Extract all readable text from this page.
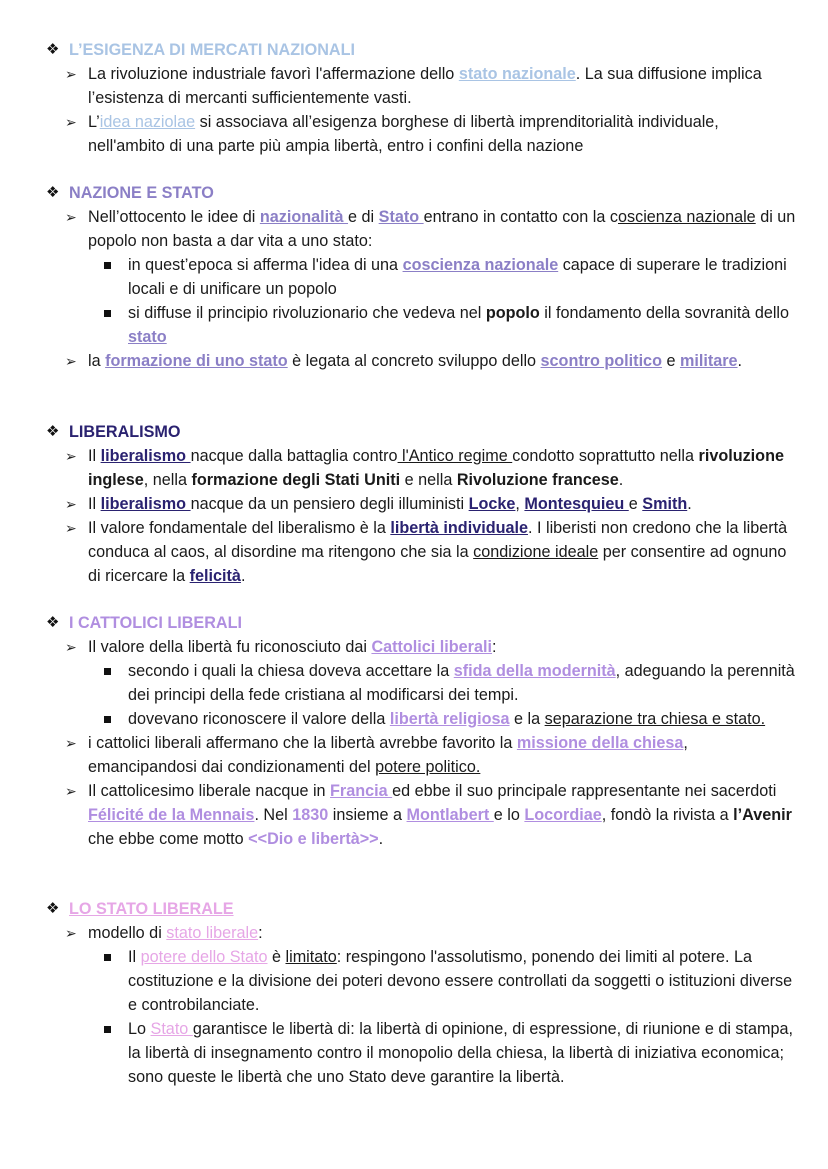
❖ L’ESIGENZA DI MERCATI NAZIONALI
➢ La rivoluzione industriale favorì l'affermazione dello stato nazionale. La sua diffusione implica l’esistenza di mercanti sufficientemente vasti.
➢ L’idea naziolae si associava all’esigenza borghese di libertà imprenditorialità individuale, nell'ambito di una parte più ampia libertà, entro i confini della nazione
❖ NAZIONE E STATO
➢ Nell’ottocento le idee di nazionalità e di Stato entrano in contatto con la coscienza nazionale di un popolo non basta a dar vita a uno stato:
in quest’epoca si afferma l'idea di una coscienza nazionale capace di superare le tradizioni locali e di unificare un popolo
si diffuse il principio rivoluzionario che vedeva nel popolo il fondamento della sovranità dello stato
➢ la formazione di uno stato è legata al concreto sviluppo dello scontro politico e militare.
❖ LIBERALISMO
➢ Il liberalismo nacque dalla battaglia contro l'Antico regime condotto soprattutto nella rivoluzione inglese, nella formazione degli Stati Uniti e nella Rivoluzione francese.
➢ Il liberalismo nacque da un pensiero degli illuministi Locke, Montesquieu e Smith.
➢ Il valore fondamentale del liberalismo è la libertà individuale. I liberisti non credono che la libertà conduca al caos, al disordine ma ritengono che sia la condizione ideale per consentire ad ognuno di ricercare la felicità.
❖ I CATTOLICI LIBERALI
➢ Il valore della libertà fu riconosciuto dai Cattolici liberali:
secondo i quali la chiesa doveva accettare la sfida della modernità, adeguando la perennità dei principi della fede cristiana al modificarsi dei tempi.
dovevano riconoscere il valore della libertà religiosa e la separazione tra chiesa e stato.
➢ i cattolici liberali affermano che la libertà avrebbe favorito la missione della chiesa, emancipandosi dai condizionamenti del potere politico.
➢ Il cattolicesimo liberale nacque in Francia ed ebbe il suo principale rappresentante nei sacerdoti Félicité de la Mennais. Nel 1830 insieme a Montlabert e lo Locordiae, fondò la rivista a l’Avenir che ebbe come motto <<Dio e libertà>>.
❖ LO STATO LIBERALE
➢ modello di stato liberale:
Il potere dello Stato è limitato: respingono l'assolutismo, ponendo dei limiti al potere. La costituzione e la divisione dei poteri devono essere controllati da soggetti o istituzioni diverse e controbilanciate.
Lo Stato garantisce le libertà di: la libertà di opinione, di espressione, di riunione e di stampa, la libertà di insegnamento contro il monopolio della chiesa, la libertà di iniziativa economica; sono queste le libertà che uno Stato deve garantire la libertà.
